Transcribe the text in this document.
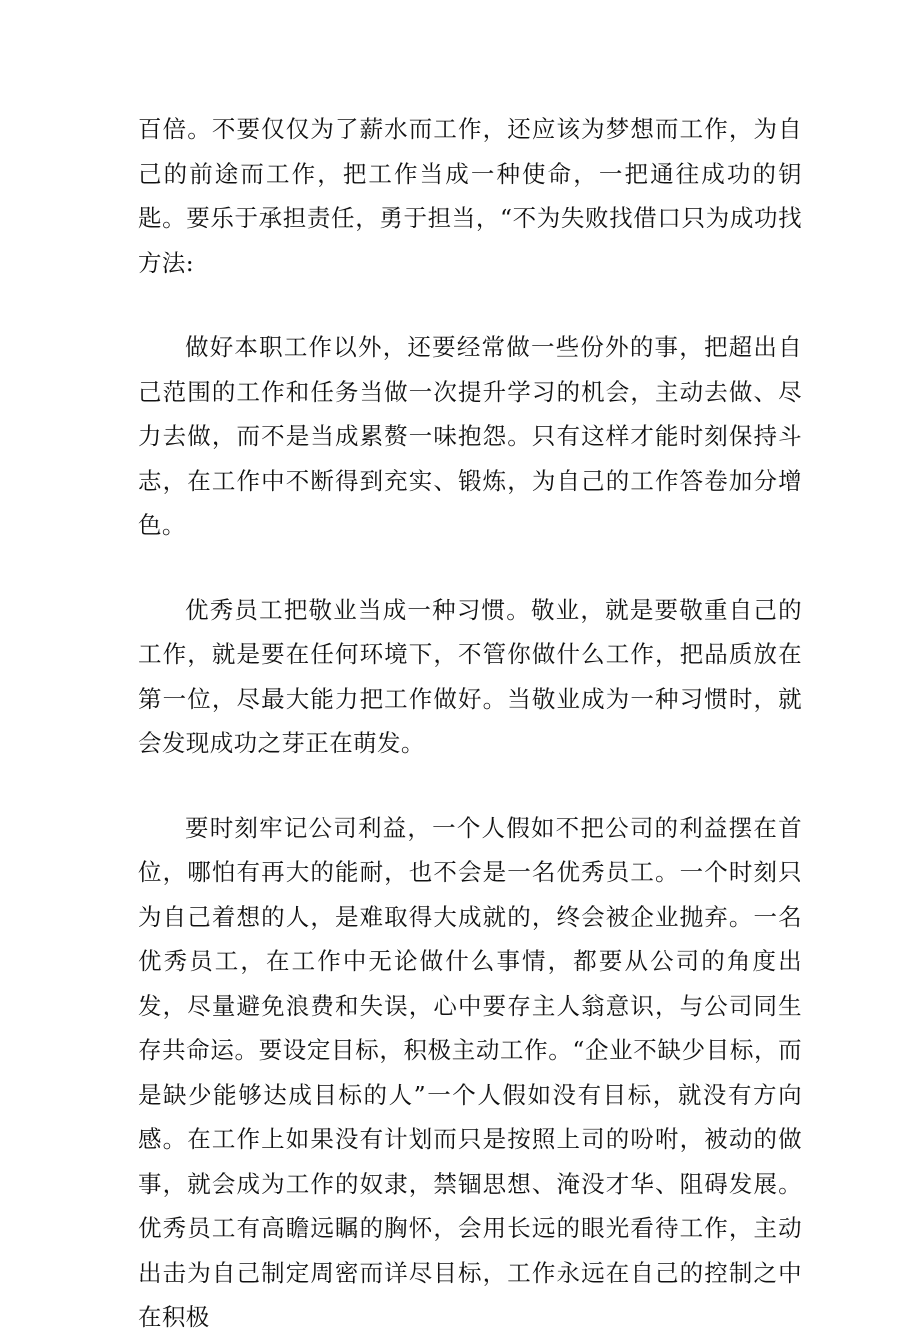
百倍。不要仅仅为了薪水而工作，还应该为梦想而工作，为自己的前途而工作，把工作当成一种使命，一把通往成功的钥匙。要乐于承担责任，勇于担当，“不为失败找借口只为成功找方法:

做好本职工作以外，还要经常做一些份外的事，把超出自己范围的工作和任务当做一次提升学习的机会，主动去做、尽力去做，而不是当成累赘一味抱怨。只有这样才能时刻保持斗志，在工作中不断得到充实、锻炼，为自己的工作答卷加分增色。

优秀员工把敬业当成一种习惯。敬业，就是要敬重自己的工作，就是要在任何环境下，不管你做什么工作，把品质放在第一位，尽最大能力把工作做好。当敬业成为一种习惯时，就会发现成功之芽正在萌发。

要时刻牢记公司利益，一个人假如不把公司的利益摆在首位，哪怕有再大的能耐，也不会是一名优秀员工。一个时刻只为自己着想的人，是难取得大成就的，终会被企业抛弃。一名优秀员工，在工作中无论做什么事情，都要从公司的角度出发，尽量避免浪费和失误，心中要存主人翁意识，与公司同生存共命运。要设定目标，积极主动工作。“企业不缺少目标，而是缺少能够达成目标的人”一个人假如没有目标，就没有方向感。在工作上如果没有计划而只是按照上司的吩咐，被动的做事，就会成为工作的奴隶，禁锢思想、淹没才华、阻碍发展。优秀员工有高瞻远瞩的胸怀，会用长远的眼光看待工作，主动出击为自己制定周密而详尽目标，工作永远在自己的控制之中在积极
